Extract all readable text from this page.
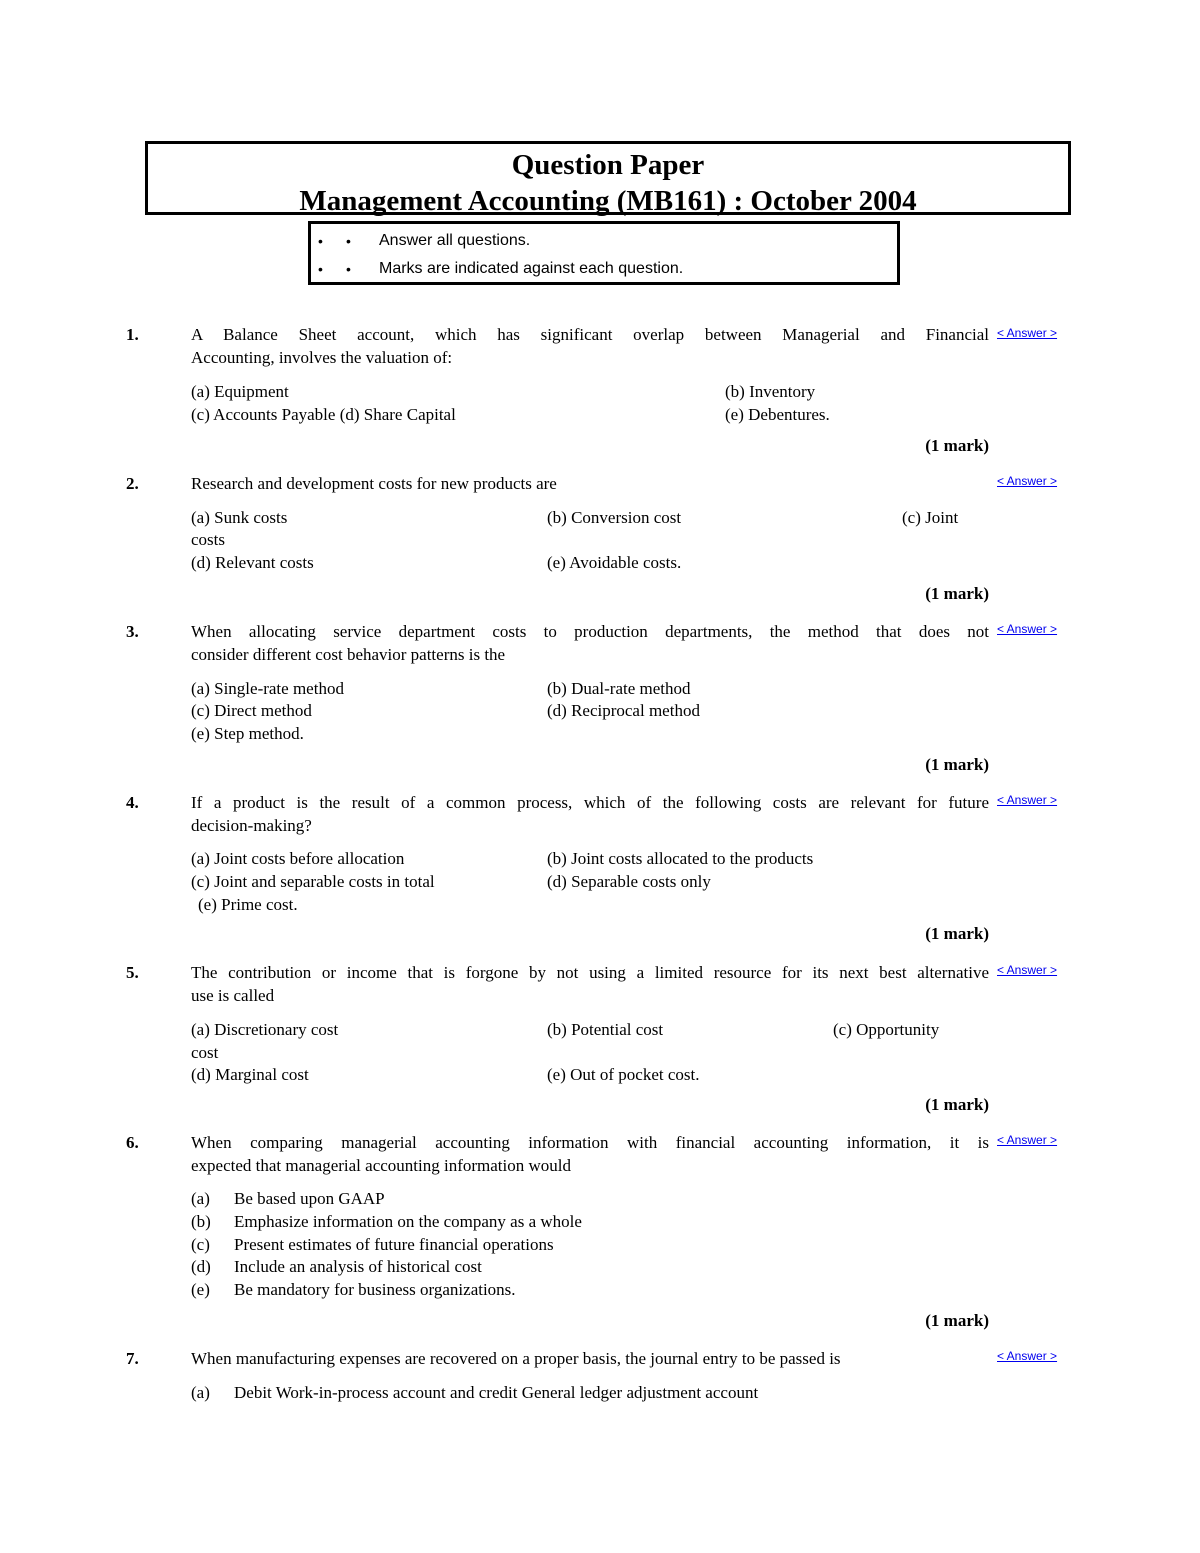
Question Paper
Management Accounting (MB161) : October 2004
• • Answer all questions.
• • Marks are indicated against each question.
1.	A Balance Sheet account, which has significant overlap between Managerial and Financial
Accounting, involves the valuation of:
< Answer >
(a) Equipment	(b) Inventory
(c) Accounts Payable (d) Share Capital	(e) Debentures.
(1 mark)
2.	Research and development costs for new products are	< Answer >
(a) Sunk costs	(b) Conversion cost	(c) Joint
costs
(d) Relevant costs	(e) Avoidable costs.
(1 mark)
3.	When allocating service department costs to production departments, the method that does not
consider different cost behavior patterns is the
< Answer >
(a) Single-rate method	(b) Dual-rate method
(c) Direct method	(d) Reciprocal method
(e) Step method.
(1 mark)
4.	If a product is the result of a common process, which of the following costs are relevant for future
decision-making?
< Answer >
(a) Joint costs before allocation	(b) Joint costs allocated to the products
(c) Joint and separable costs in total	(d) Separable costs only
(e) Prime cost.
(1 mark)
5.	The contribution or income that is forgone by not using a limited resource for its next best alternative
use is called
< Answer >
(a) Discretionary cost	(b) Potential cost	(c) Opportunity
cost
(d) Marginal cost	(e) Out of pocket cost.
(1 mark)
6.	When comparing managerial accounting information with financial accounting information, it is
expected that managerial accounting information would
< Answer >
(a) Be based upon GAAP
(b) Emphasize information on the company as a whole
(c) Present estimates of future financial operations
(d) Include an analysis of historical cost
(e) Be mandatory for business organizations.
(1 mark)
7.	When manufacturing expenses are recovered on a proper basis, the journal entry to be passed is	< Answer >
(a) Debit Work-in-process account and credit General ledger adjustment account
